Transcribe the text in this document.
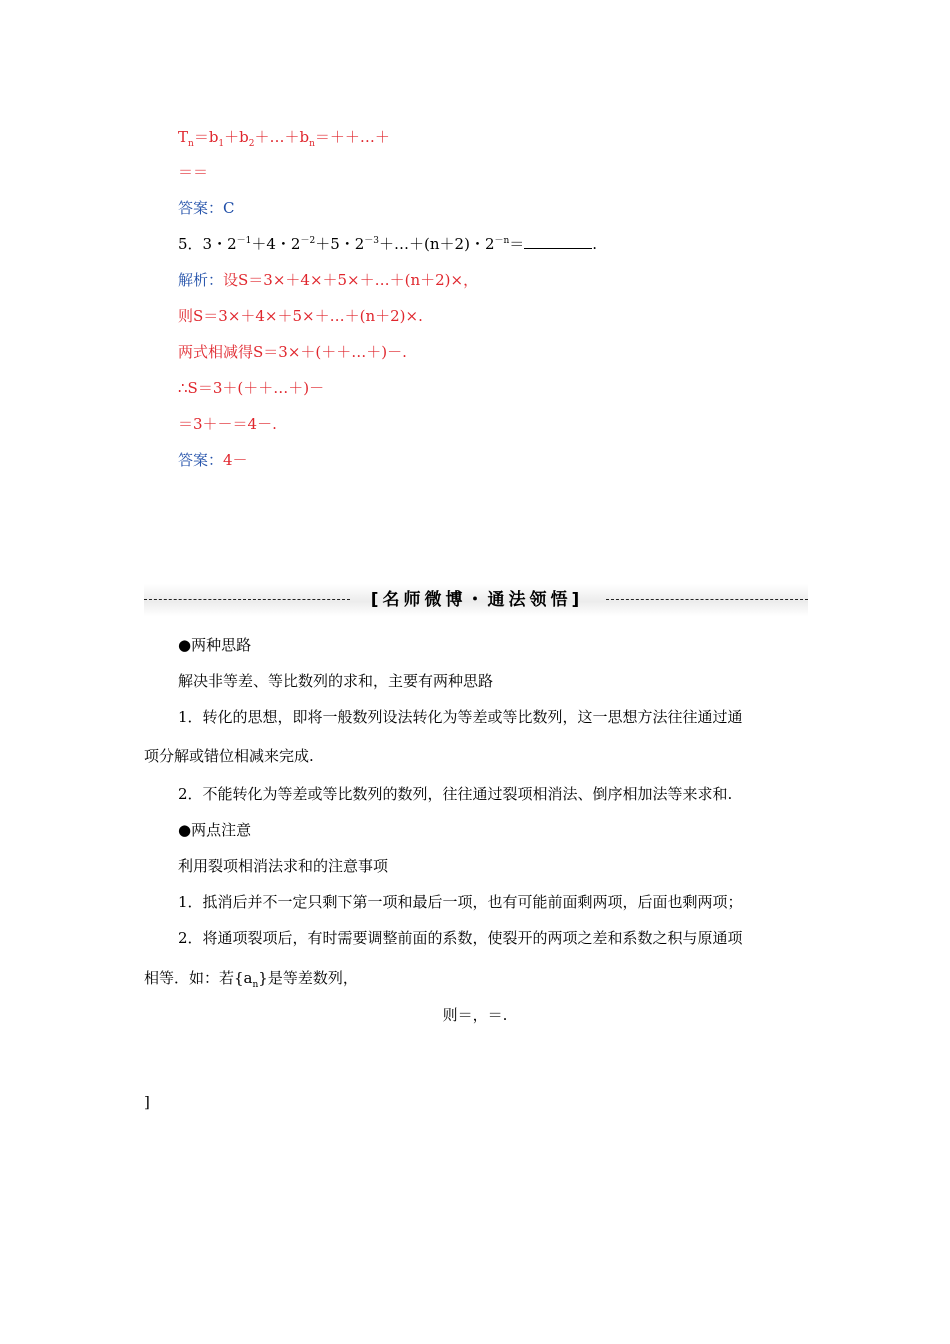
$T_n=b_1+b_2+\dots+b_n=++\dots+$
＝＝
答案：C
5．3・$2^{-1}+4$・$2^{-2}+5$・$2^{-3}+\dots+(n+2)$・$2^{-n}=$	.
解析：设S＝3×＋4×＋5×＋…＋(n＋2)×，
则S＝3×＋4×＋5×＋…＋(n＋2)×.
两式相减得S＝3×＋(＋＋…＋)－.
∴S＝3＋(＋＋…＋)－
＝3＋－＝4－.
答案：4－
[名师微博・通法领悟]
●两种思路
解决非等差、等比数列的求和，主要有两种思路
1．转化的思想，即将一般数列设法转化为等差或等比数列，这一思想方法往往通过通
项分解或错位相减来完成.
2．不能转化为等差或等比数列的数列，往往通过裂项相消法、倒序相加法等来求和.
●两点注意
利用裂项相消法求和的注意事项
1．抵消后并不一定只剩下第一项和最后一项，也有可能前面剩两项，后面也剩两项；
2．将通项裂项后，有时需要调整前面的系数，使裂开的两项之差和系数之积与原通项
相等．如：若$\{a_n\}$是等差数列，
则＝，＝.
]
